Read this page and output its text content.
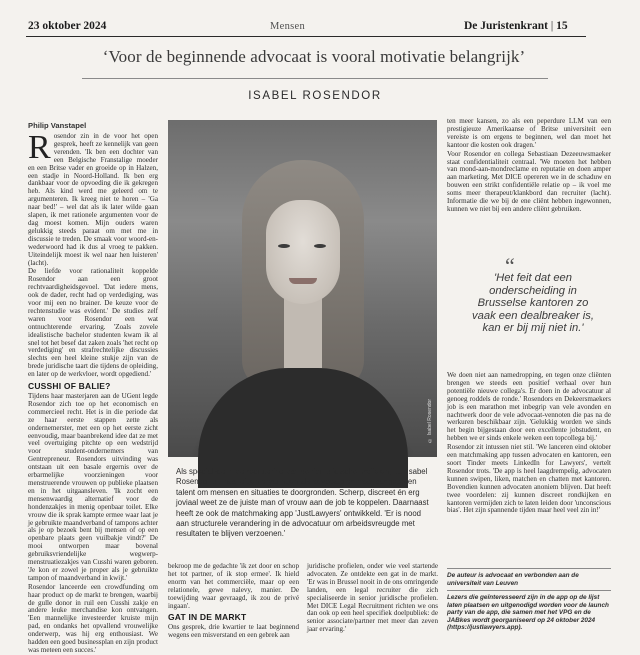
23 oktober 2024	Mensen	De Juristenkrant | 15
‘Voor de beginnende advocaat is vooral motivatie belangrijk’
ISABEL ROSENDOR
Philip Vanstapel
R osendor zin in de voor het open gesprek, heeft ze kennelijk van geen verenden. 'Ik ben een dochter van een Belgische Franstalige moeder en een Britse vader en groeide op in Halzen, een stadje in Noord-Holland. Ik ben erg dankbaar voor de opvoeding die ik gekregen heb. Als kind werd me geleerd om te argumenteren. Ik kreeg niet te horen – 'Ga naar bed!' – wel dat als ik later wilde gaan slapen, ik met rationele argumenten voor de dag moest komen. Mijn ouders waren gelukkig steeds paraat om met me in discussie te treden. De smaak voor woord-en-wederwoord had ik dus al vroeg te pakken. Uiteindelijk moest ik wel naar hen luisteren' (lacht).

De liefde voor rationaliteit koppelde Rosendor aan een groot rechtvaardigheidsgevoel. 'Dat iedere mens, ook de dader, recht had op verdediging, was voor mij een no brainer. De keuze voor de rechtenstudie was evident.' De studies zelf waren voor Rosendor een wat ontnuchterende ervaring. 'Zoals zovele idealistische bachelor studenten kwam ik al snel tot het besef dat zaken zoals 'het recht op verdediging' en strafrechtelijke discussies slechts een heel kleine stukje zijn van de brede juridische taart die tijdens de opleiding, en later op de werkvloer, wordt opgediend.'

CUSSHI OF BALIE?

Tijdens haar masterjaren aan de UGent legde Rosendor zich toe op het economisch en commercieel recht. Het is in die periode dat ze haar eerste stappen zette als ondernemerster, met een op het eerste zicht eenvoudig, maar baanbrekend idee dat ze met veel overtuiging pitchte op een wedstrijd voor student-ondernemers van Gentrepreneur. Rosendors uitvinding was ontstaan uit een basale ergernis over de erbarmelijke voorzieningen voor menstruerende vrouwen op publieke plaatsen en in het uitgaansleven. 'Ik zocht een mensenwaardig alternatief voor de hondenzakjes in menig openbaar toilet. Elke vrouw die ik sprak kampte ermee waar laat je je gebruikte maandverband of tampons achter als je op bezoek bent bij mensen of op een openbare plaats geen vuilbakje vindt?' De mooi ontworpen maar bovenal gebruiksvriendelijke wegwerp-menstruatiezakjes van Cusshi waren geboren. 'Je kon er zowel je proper als je gebruikte tampon of maandverband in kwijt.'

Rosendor lanceerde een crowdfunding om haar product op de markt te brengen, waarbij de gulle donor in ruil een Cusshi zakje en andere leuke merchandise kon ontvangen. 'Een mannelijke investeerder kruiste mijn pad, en ondanks het opvallend vrouwelijke onderwerp, was hij erg enthousiast. We hadden een goed businessplan en zijn product was meteen een succes.'

© Isabel Rosendor
Als specialiste in de recrutering van senior juridische profielen, put Isabel Rosendor uit haar eigen ervaringen als advocate en haar aangeboren talent om mensen en situaties te doorgronden. Scherp, discreet én erg joviaal weet ze de juiste man of vrouw aan de job te koppelen. Daarnaast heeft ze ook de matchmaking app 'JustLawyers' ontwikkeld. 'Er is nood aan structurele verandering in de advocatuur om arbeidsvreugde met resultaten te blijven verzoenen.'

bekroop me de gedachte 'ik zet door en schop het tot partner, of ik stop ermee'. Ik hield enorm van het commerciële, maar op een relationele, gewe nalevy, manier. De toewijding waar gevraagd, ik zou de privé ingaan'.

GAT IN DE MARKT

Ons gesprek, drie kwartier te laat beginnend wegens een misverstand en een gebrek aan

juridische profielen, onder wie veel startende advocaten. Ze ontdekte een gat in de markt. 'Er was in Brussel nooit in de ons omringende landen, een legal recruiter die zich specialiseerde in senior juridische profielen. Met DICE Legal Recruitment richten we ons dan ook op een heel specifiek doelpubliek: de senior associate/partner met meer dan zeven jaar ervaring.'

ten meer kansen, zo als een peperdure LLM van een prestigieuze Amerikaanse of Britse universiteit een vereiste is om ergens te beginnen, wel dan moet het kantoor die kosten ook dragen.'

Voor Rosendor en collega Sebastiaan Dezeeuwsmaeker staat confidentialiteit centraal. 'We moeten het hebben van mond-aan-mondreclame en reputatie en doen amper aan marketing. Met DICE opereren we in de schaduw en bouwen een strikt confidentiële relatie op – ik voel me soms meer therapeut/klankbord dan recruiter (lacht). Informatie die we bij de ene cliënt hebben ingewonnen, kunnen we niet bij een andere cliënt gebruiken.

“
'Het feit dat een onderscheiding in Brusselse kantoren zo vaak een dealbreaker is, kan er bij mij niet in.'

We doen niet aan namedropping, en tegen onze cliënten brengen we steeds een positief verhaal over hun potentiële nieuwe collega's. Er doen in de advocatuur al genoeg roddels de ronde.' Rosendors en Dekeersmaekers job is een marathon met inbegrip van vele avonden en nachtwerk door de vele advocaat-vennoten die pas na de werkuren beschikbaar zijn. 'Gelukkig worden we sinds het begin bijgestaan door een excellente jobstudent, en hebben we er sinds enkele weken een topcollega bij.'

Rosendor zit intussen niet stil. 'We lanceren eind oktober een matchmaking app tussen advocaten en kantoren, een soort Tinder meets LinkedIn for Lawyers', vertelt Rosendor trots. 'De app is heel laagdrempelig, advocaten kunnen swipen, liken, matchen en chatten met kantoren. Bovendien kunnen advocaten anoniem blijven. Dat heeft twee voordelen: zij kunnen discreet rondkijken en kantoren vermijden zich te laten leiden door 'unconscious bias'. Het zijn spannende tijden maar heel veel zin in!'

De auteur is advocaat en verbonden aan de universiteit van Leuven
Lezers die geïnteresseerd zijn in de app op de lijst laten plaatsen en uitgenodigd worden voor de launch party van de app, die samen met het VPG en de JABkes wordt georganiseerd op 24 oktober 2024 (https://justlawyers.app).
